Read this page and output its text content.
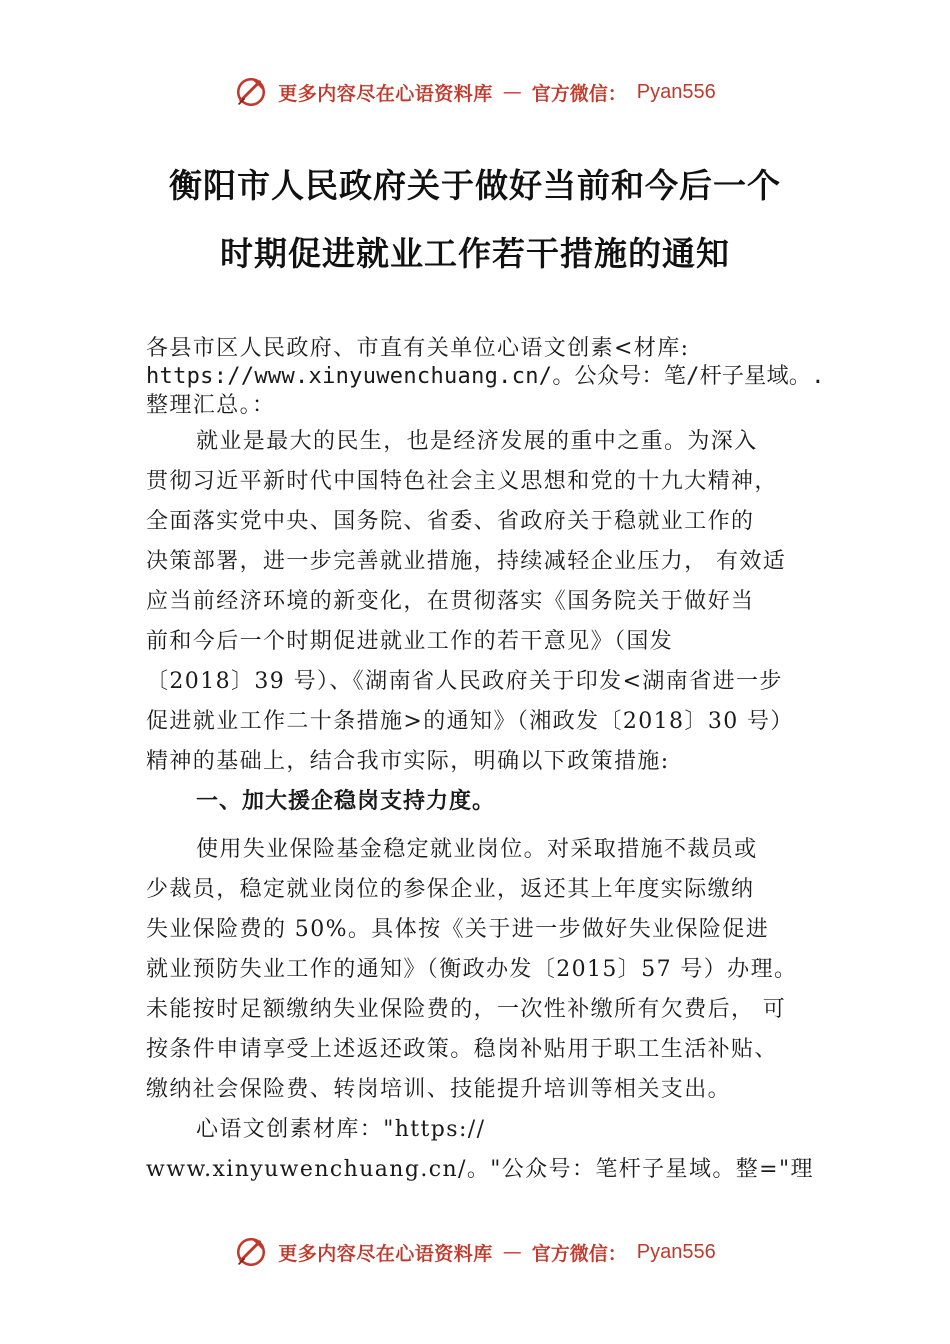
更多内容尽在心语资料库 — 官方微信： Pyan556
衡阳市人民政府关于做好当前和今后一个
时期促进就业工作若干措施的通知
各县市区人民政府、市直有关单位心语文创素<材库:
https://www.xinyuwenchuang.cn/。公众号：笔/杆子星域。.
整理汇总。：
就业是最大的民生，也是经济发展的重中之重。为深入
贯彻习近平新时代中国特色社会主义思想和党的十九大精神，
全面落实党中央、国务院、省委、省政府关于稳就业工作的
决策部署，进一步完善就业措施，持续减轻企业压力， 有效适
应当前经济环境的新变化，在贯彻落实《国务院关于做好当
前和今后一个时期促进就业工作的若干意见》（国发
〔2018〕39 号）、《湖南省人民政府关于印发<湖南省进一步
促进就业工作二十条措施>的通知》（湘政发〔2018〕30 号）
精神的基础上，结合我市实际，明确以下政策措施:
一、加大援企稳岗支持力度。
使用失业保险基金稳定就业岗位。对采取措施不裁员或
少裁员，稳定就业岗位的参保企业，返还其上年度实际缴纳
失业保险费的 50%。具体按《关于进一步做好失业保险促进
就业预防失业工作的通知》（衡政办发〔2015〕57 号）办理。
未能按时足额缴纳失业保险费的，一次性补缴所有欠费后， 可
按条件申请享受上述返还政策。稳岗补贴用于职工生活补贴、
缴纳社会保险费、转岗培训、技能提升培训等相关支出。
心语文创素材库："https://
www.xinyuwenchuang.cn/。"公众号：笔杆子星域。整="理
更多内容尽在心语资料库 — 官方微信： Pyan556
